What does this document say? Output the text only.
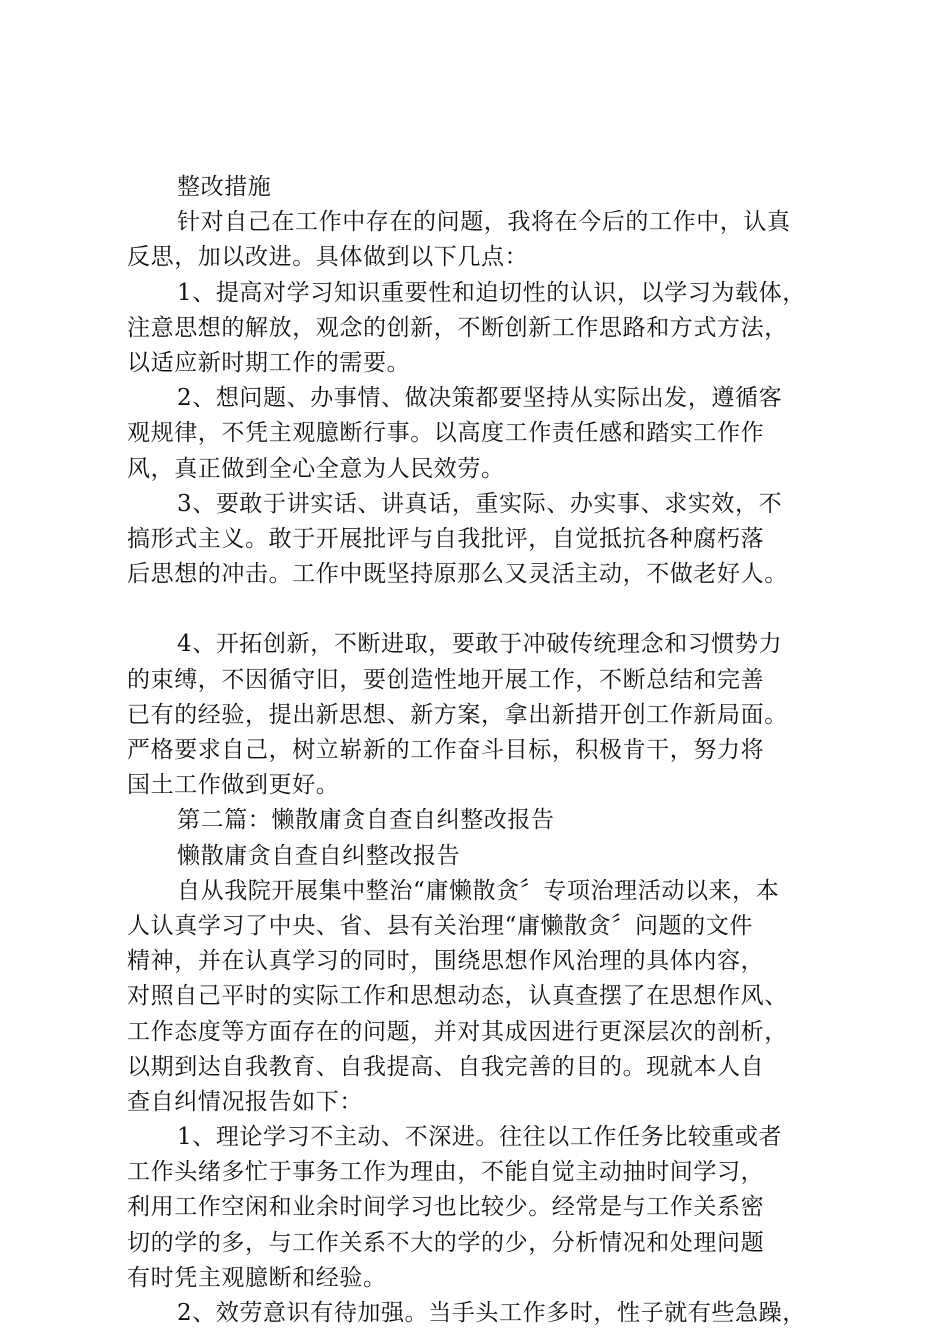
整改措施
针对自己在工作中存在的问题，我将在今后的工作中，认真
反思，加以改进。具体做到以下几点：
1、提高对学习知识重要性和迫切性的认识，以学习为载体，
注意思想的解放，观念的创新，不断创新工作思路和方式方法，
以适应新时期工作的需要。
2、想问题、办事情、做决策都要坚持从实际出发，遵循客
观规律，不凭主观臆断行事。以高度工作责任感和踏实工作作
风，真正做到全心全意为人民效劳。
3、要敢于讲实话、讲真话，重实际、办实事、求实效，不
搞形式主义。敢于开展批评与自我批评，自觉抵抗各种腐朽落
后思想的冲击。工作中既坚持原那么又灵活主动，不做老好人。
4、开拓创新，不断进取，要敢于冲破传统理念和习惯势力
的束缚，不因循守旧，要创造性地开展工作，不断总结和完善
已有的经验，提出新思想、新方案，拿出新措开创工作新局面。
严格要求自己，树立崭新的工作奋斗目标，积极肯干，努力将
国土工作做到更好。
第二篇：懒散庸贪自查自纠整改报告
懒散庸贪自查自纠整改报告
自从我院开展集中整治“庸懒散贪〞专项治理活动以来，本
人认真学习了中央、省、县有关治理“庸懒散贪〞问题的文件
精神，并在认真学习的同时，围绕思想作风治理的具体内容，
对照自己平时的实际工作和思想动态，认真查摆了在思想作风、
工作态度等方面存在的问题，并对其成因进行更深层次的剖析，
以期到达自我教育、自我提高、自我完善的目的。现就本人自
查自纠情况报告如下：
1、理论学习不主动、不深进。往往以工作任务比较重或者
工作头绪多忙于事务工作为理由，不能自觉主动抽时间学习，
利用工作空闲和业余时间学习也比较少。经常是与工作关系密
切的学的多，与工作关系不大的学的少，分析情况和处理问题
有时凭主观臆断和经验。
2、效劳意识有待加强。当手头工作多时，性子就有些急躁，
